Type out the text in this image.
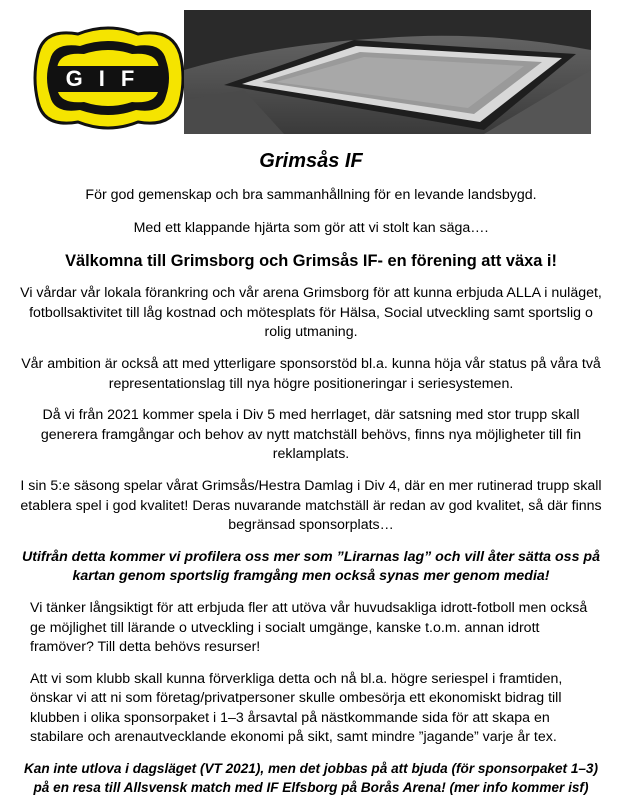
GIF
Grimsås IF

För god gemenskap och bra sammanhållning för en levande landsbygd.

Med ett klappande hjärta som gör att vi stolt kan säga….

Välkomna till Grimsborg och Grimsås IF- en förening att växa i!

Vi vårdar vår lokala förankring och vår arena Grimsborg för att kunna erbjuda ALLA i nuläget, fotbollsaktivitet till låg kostnad och mötesplats för Hälsa, Social utveckling samt sportslig o rolig utmaning.

Vår ambition är också att med ytterligare sponsorstöd bl.a. kunna höja vår status på våra två representationslag till nya högre positioneringar i seriesystemen.

Då vi från 2021 kommer spela i Div 5 med herrlaget, där satsning med stor trupp skall generera framgångar och behov av nytt matchställ behövs, finns nya möjligheter till fin reklamplats.

I sin 5:e säsong spelar vårat Grimsås/Hestra Damlag i Div 4, där en mer rutinerad trupp skall etablera spel i god kvalitet! Deras nuvarande matchställ är redan av god kvalitet, så där finns begränsad sponsorplats…

Utifrån detta kommer vi profilera oss mer som ”Lirarnas lag” och vill åter sätta oss på kartan genom sportslig framgång men också synas mer genom media!

Vi tänker långsiktigt för att erbjuda fler att utöva vår huvudsakliga idrott-fotboll men också ge möjlighet till lärande o utveckling i socialt umgänge, kanske t.o.m. annan idrott framöver? Till detta behövs resurser!

Att vi som klubb skall kunna förverkliga detta och nå bl.a. högre seriespel i framtiden, önskar vi att ni som företag/privatpersoner skulle ombesörja ett ekonomiskt bidrag till klubben i olika sponsorpaket i 1–3 årsavtal på nästkommande sida för att skapa en stabilare och arenautvecklande ekonomi på sikt, samt mindre ”jagande” varje år tex.

Kan inte utlova i dagsläget (VT 2021), men det jobbas på att bjuda (för sponsorpaket 1–3) på en resa till Allsvensk match med IF Elfsborg på Borås Arena! (mer info kommer isf)
